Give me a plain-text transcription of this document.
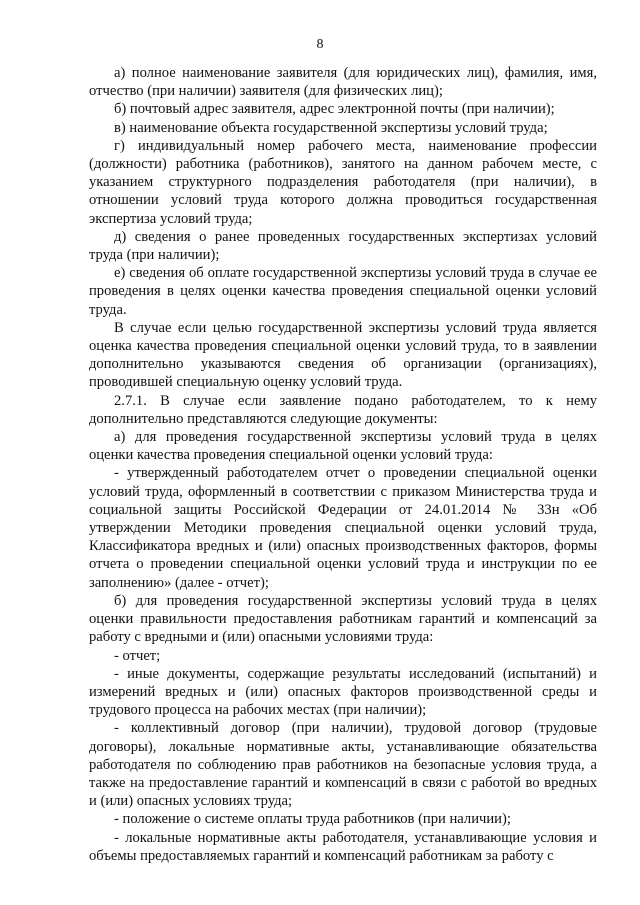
8

а) полное наименование заявителя (для юридических лиц), фамилия, имя, отчество (при наличии) заявителя (для физических лиц);

б) почтовый адрес заявителя, адрес электронной почты (при наличии);

в) наименование объекта государственной экспертизы условий труда;

г) индивидуальный номер рабочего места, наименование профессии (должности) работника (работников), занятого на данном рабочем месте, с указанием структурного подразделения работодателя (при наличии), в отношении условий труда которого должна проводиться государственная экспертиза условий труда;

д) сведения о ранее проведенных государственных экспертизах условий труда (при наличии);

е) сведения об оплате государственной экспертизы условий труда в случае ее проведения в целях оценки качества проведения специальной оценки условий труда.

В случае если целью государственной экспертизы условий труда является оценка качества проведения специальной оценки условий труда, то в заявлении дополнительно указываются сведения об организации (организациях), проводившей специальную оценку условий труда.

2.7.1. В случае если заявление подано работодателем, то к нему дополнительно представляются следующие документы:

а) для проведения государственной экспертизы условий труда в целях оценки качества проведения специальной оценки условий труда:

- утвержденный работодателем отчет о проведении специальной оценки условий труда, оформленный в соответствии с приказом Министерства труда и социальной защиты Российской Федерации от 24.01.2014 № 33н «Об утверждении Методики проведения специальной оценки условий труда, Классификатора вредных и (или) опасных производственных факторов, формы отчета о проведении специальной оценки условий труда и инструкции по ее заполнению» (далее - отчет);

б) для проведения государственной экспертизы условий труда в целях оценки правильности предоставления работникам гарантий и компенсаций за работу с вредными и (или) опасными условиями труда:

- отчет;

- иные документы, содержащие результаты исследований (испытаний) и измерений вредных и (или) опасных факторов производственной среды и трудового процесса на рабочих местах (при наличии);

- коллективный договор (при наличии), трудовой договор (трудовые договоры), локальные нормативные акты, устанавливающие обязательства работодателя по соблюдению прав работников на безопасные условия труда, а также на предоставление гарантий и компенсаций в связи с работой во вредных и (или) опасных условиях труда;

- положение о системе оплаты труда работников (при наличии);

- локальные нормативные акты работодателя, устанавливающие условия и объемы предоставляемых гарантий и компенсаций работникам за работу с
